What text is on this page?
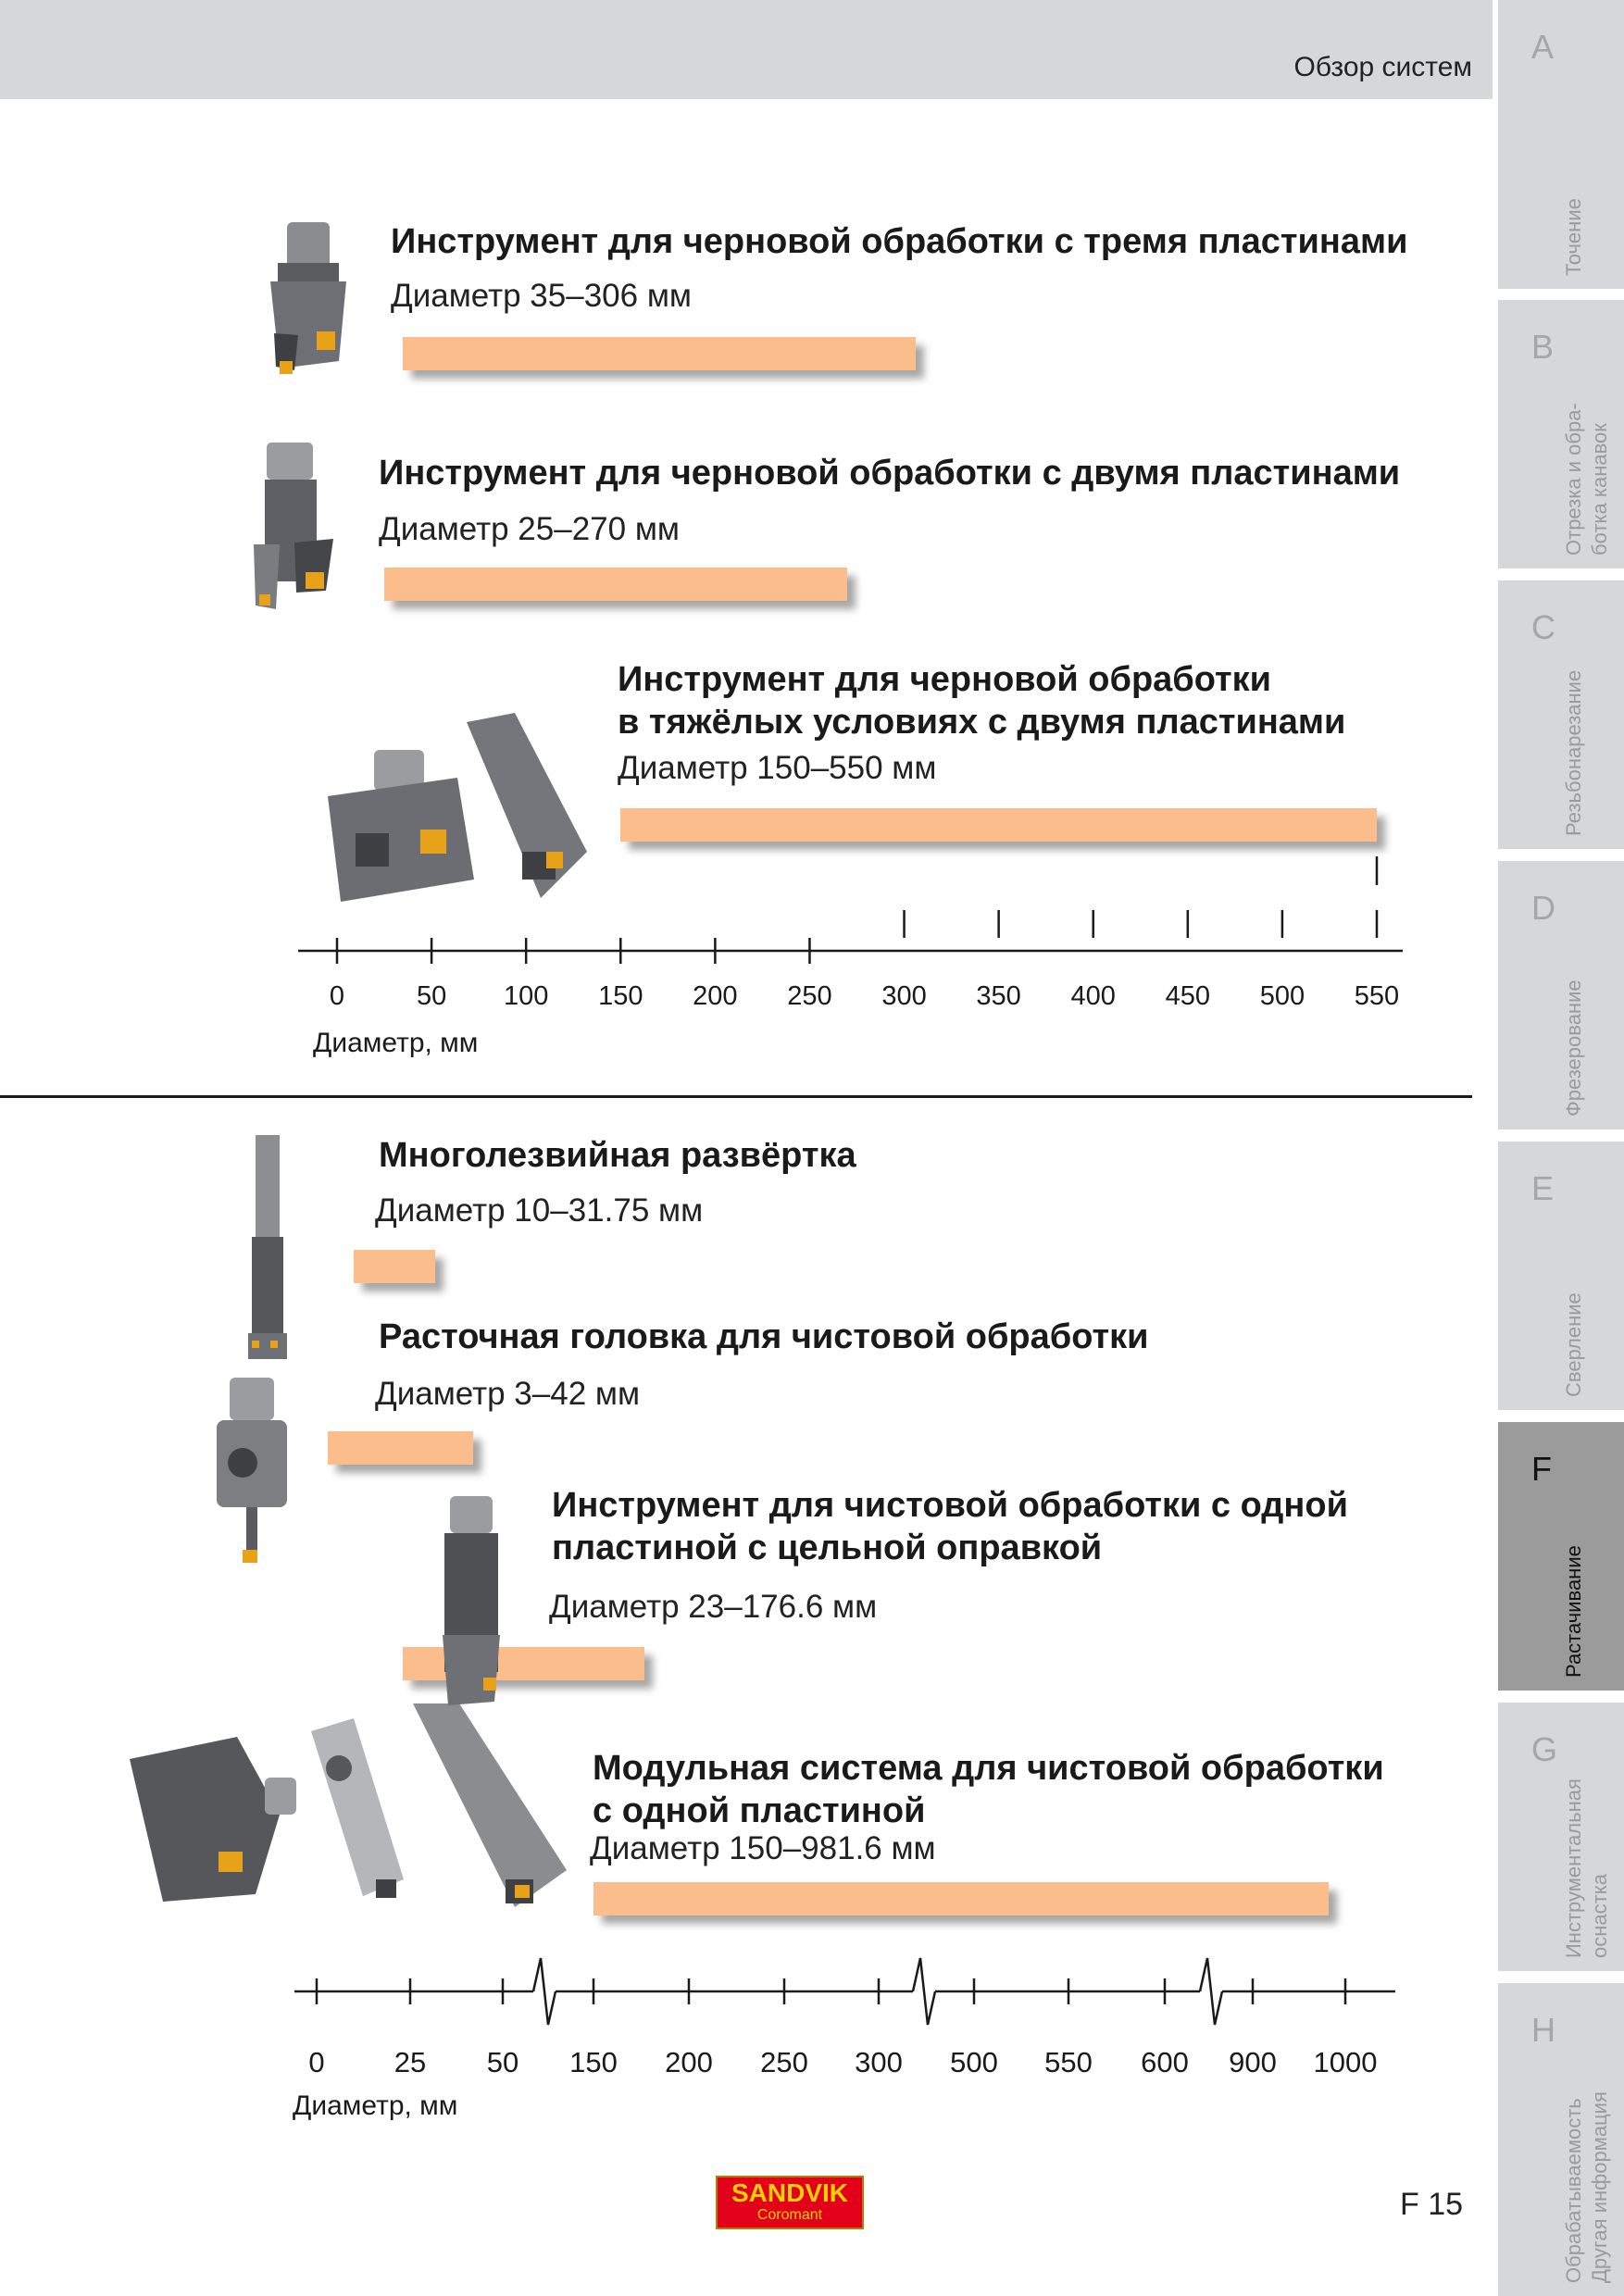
Обзор систем
A
Точение
B
Отрезка и обра-
ботка канавок
C
Резьбонарезание
D
Фрезерование
E
Сверление
F
Растачивание
G
Инструментальная
оснастка
H
Обрабатываемость
Другая информация
Инструмент для черновой обработки с тремя пластинами
Диаметр 35–306 мм
Инструмент для черновой обработки с двумя пластинами
Диаметр 25–270 мм
Инструмент для черновой обработки
в тяжёлых условиях с двумя пластинами
Диаметр 150–550 мм
Многолезвийная развёртка
Диаметр 10–31.75 мм
Расточная головка для чистовой обработки
Диаметр 3–42 мм
Инструмент для чистовой обработки с одной
пластиной с цельной оправкой
Диаметр 23–176.6 мм
Модульная система для чистовой обработки
с одной пластиной
Диаметр 150–981.6 мм
0	50	100	150	200	250	300	350	400	450	500	550
Диаметр, мм
0	25	50	150	200	250	300	500	550	600	900	1000
Диаметр, мм
SANDVIK
Coromant	F 15
